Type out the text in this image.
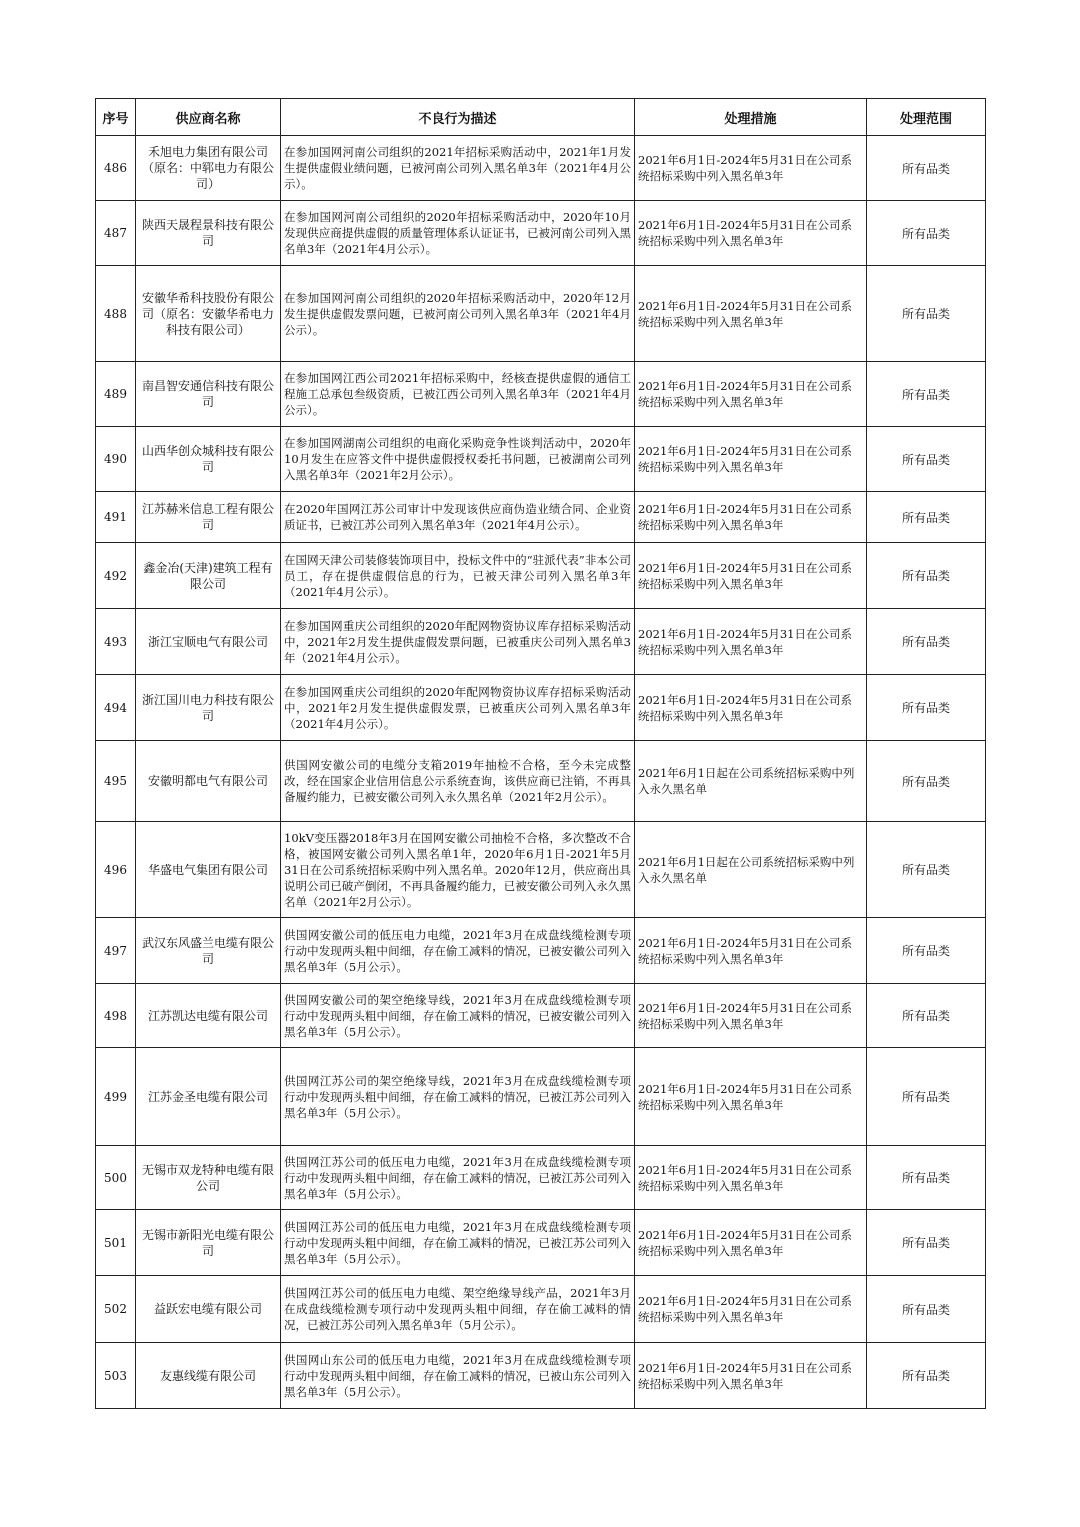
序号	供应商名称	不良行为描述	处理措施	处理范围
486	禾旭电力集团有限公司（原名：中郓电力有限公司）	在参加国网河南公司组织的2021年招标采购活动中，2021年1月发生提供虚假业绩问题，已被河南公司列入黑名单3年（2021年4月公示）。	2021年6月1日-2024年5月31日在公司系统招标采购中列入黑名单3年	所有品类
487	陕西天晟程景科技有限公司	在参加国网河南公司组织的2020年招标采购活动中，2020年10月发现供应商提供虚假的质量管理体系认证证书，已被河南公司列入黑名单3年（2021年4月公示）。	2021年6月1日-2024年5月31日在公司系统招标采购中列入黑名单3年	所有品类
488	安徽华希科技股份有限公司（原名：安徽华希电力科技有限公司）	在参加国网河南公司组织的2020年招标采购活动中，2020年12月发生提供虚假发票问题，已被河南公司列入黑名单3年（2021年4月公示）。	2021年6月1日-2024年5月31日在公司系统招标采购中列入黑名单3年	所有品类
489	南昌智安通信科技有限公司	在参加国网江西公司2021年招标采购中，经核查提供虚假的通信工程施工总承包叁级资质，已被江西公司列入黑名单3年（2021年4月公示）。	2021年6月1日-2024年5月31日在公司系统招标采购中列入黑名单3年	所有品类
490	山西华创众城科技有限公司	在参加国网湖南公司组织的电商化采购竞争性谈判活动中，2020年10月发生在应答文件中提供虚假授权委托书问题，已被湖南公司列入黑名单3年（2021年2月公示）。	2021年6月1日-2024年5月31日在公司系统招标采购中列入黑名单3年	所有品类
491	江苏赫米信息工程有限公司	在2020年国网江苏公司审计中发现该供应商伪造业绩合同、企业资质证书，已被江苏公司列入黑名单3年（2021年4月公示）。	2021年6月1日-2024年5月31日在公司系统招标采购中列入黑名单3年	所有品类
492	鑫金冶(天津)建筑工程有限公司	在国网天津公司装修装饰项目中，投标文件中的“驻派代表”非本公司员工，存在提供虚假信息的行为，已被天津公司列入黑名单3年（2021年4月公示）。	2021年6月1日-2024年5月31日在公司系统招标采购中列入黑名单3年	所有品类
493	浙江宝顺电气有限公司	在参加国网重庆公司组织的2020年配网物资协议库存招标采购活动中，2021年2月发生提供虚假发票问题，已被重庆公司列入黑名单3年（2021年4月公示）。	2021年6月1日-2024年5月31日在公司系统招标采购中列入黑名单3年	所有品类
494	浙江国川电力科技有限公司	在参加国网重庆公司组织的2020年配网物资协议库存招标采购活动中，2021年2月发生提供虚假发票，已被重庆公司列入黑名单3年（2021年4月公示）。	2021年6月1日-2024年5月31日在公司系统招标采购中列入黑名单3年	所有品类
495	安徽明都电气有限公司	供国网安徽公司的电缆分支箱2019年抽检不合格，至今未完成整改，经在国家企业信用信息公示系统查询，该供应商已注销，不再具备履约能力，已被安徽公司列入永久黑名单（2021年2月公示）。	2021年6月1日起在公司系统招标采购中列入永久黑名单	所有品类
496	华盛电气集团有限公司	10kV变压器2018年3月在国网安徽公司抽检不合格，多次整改不合格，被国网安徽公司列入黑名单1年，2020年6月1日-2021年5月31日在公司系统招标采购中列入黑名单。2020年12月，供应商出具说明公司已破产倒闭，不再具备履约能力，已被安徽公司列入永久黑名单（2021年2月公示）。	2021年6月1日起在公司系统招标采购中列入永久黑名单	所有品类
497	武汉东风盛兰电缆有限公司	供国网安徽公司的低压电力电缆，2021年3月在成盘线缆检测专项行动中发现两头粗中间细，存在偷工减料的情况，已被安徽公司列入黑名单3年（5月公示）。	2021年6月1日-2024年5月31日在公司系统招标采购中列入黑名单3年	所有品类
498	江苏凯达电缆有限公司	供国网安徽公司的架空绝缘导线，2021年3月在成盘线缆检测专项行动中发现两头粗中间细，存在偷工减料的情况，已被安徽公司列入黑名单3年（5月公示）。	2021年6月1日-2024年5月31日在公司系统招标采购中列入黑名单3年	所有品类
499	江苏金圣电缆有限公司	供国网江苏公司的架空绝缘导线，2021年3月在成盘线缆检测专项行动中发现两头粗中间细，存在偷工减料的情况，已被江苏公司列入黑名单3年（5月公示）。	2021年6月1日-2024年5月31日在公司系统招标采购中列入黑名单3年	所有品类
500	无锡市双龙特种电缆有限公司	供国网江苏公司的低压电力电缆，2021年3月在成盘线缆检测专项行动中发现两头粗中间细，存在偷工减料的情况，已被江苏公司列入黑名单3年（5月公示）。	2021年6月1日-2024年5月31日在公司系统招标采购中列入黑名单3年	所有品类
501	无锡市新阳光电缆有限公司	供国网江苏公司的低压电力电缆，2021年3月在成盘线缆检测专项行动中发现两头粗中间细，存在偷工减料的情况，已被江苏公司列入黑名单3年（5月公示）。	2021年6月1日-2024年5月31日在公司系统招标采购中列入黑名单3年	所有品类
502	益跃宏电缆有限公司	供国网江苏公司的低压电力电缆、架空绝缘导线产品，2021年3月在成盘线缆检测专项行动中发现两头粗中间细，存在偷工减料的情况，已被江苏公司列入黑名单3年（5月公示）。	2021年6月1日-2024年5月31日在公司系统招标采购中列入黑名单3年	所有品类
503	友惠线缆有限公司	供国网山东公司的低压电力电缆，2021年3月在成盘线缆检测专项行动中发现两头粗中间细，存在偷工减料的情况，已被山东公司列入黑名单3年（5月公示）。	2021年6月1日-2024年5月31日在公司系统招标采购中列入黑名单3年	所有品类
